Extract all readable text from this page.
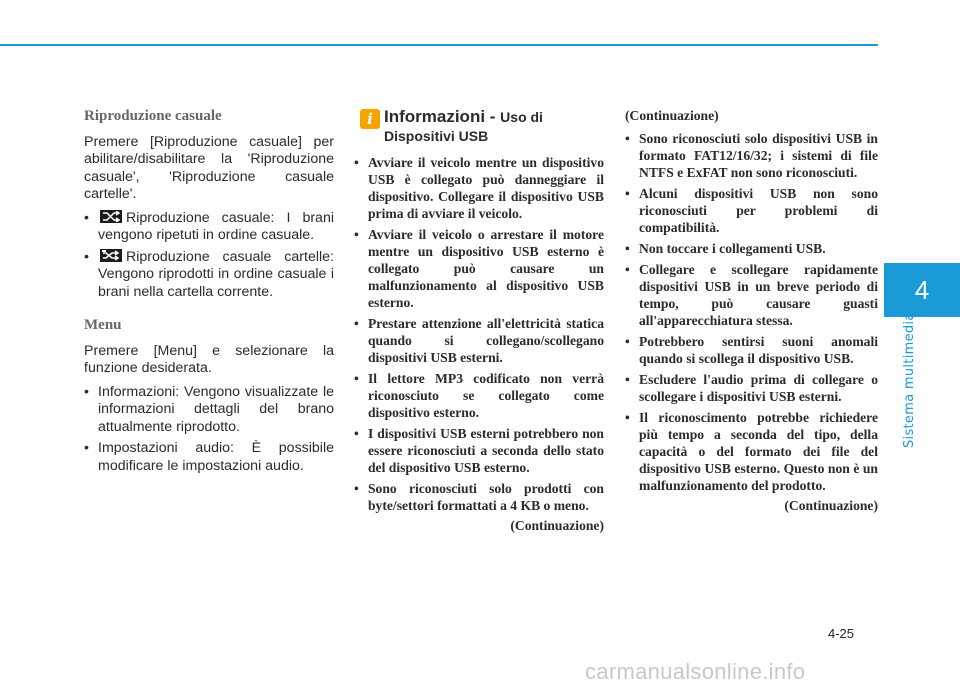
4
Sistema multimediale
Riproduzione casuale

Premere [Riproduzione casuale] per abilitare/disabilitare la 'Riproduzione casuale', 'Riproduzione casuale cartelle'.

• Riproduzione casuale: I brani vengono ripetuti in ordine casuale.
• Riproduzione casuale cartelle: Vengono riprodotti in ordine casuale i brani nella cartella corrente.
Menu

Premere [Menu] e selezionare la funzione desiderata.

• Informazioni: Vengono visualizzate le informazioni dettagli del brano attualmente riprodotto.
• Impostazioni audio: È possibile modificare le impostazioni audio.
i Informazioni - Uso di Dispositivi USB
• Avviare il veicolo mentre un dispositivo USB è collegato può danneggiare il dispositivo. Collegare il dispositivo USB prima di avviare il veicolo.
• Avviare il veicolo o arrestare il motore mentre un dispositivo USB esterno è collegato può causare un malfunzionamento al dispositivo USB esterno.
• Prestare attenzione all'elettricità statica quando si collegano/scollegano dispositivi USB esterni.
• Il lettore MP3 codificato non verrà riconosciuto se collegato come dispositivo esterno.
• I dispositivi USB esterni potrebbero non essere riconosciuti a seconda dello stato del dispositivo USB esterno.
• Sono riconosciuti solo prodotti con byte/settori formattati a 4 KB o meno.
(Continuazione)
(Continuazione)
• Sono riconosciuti solo dispositivi USB in formato FAT12/16/32; i sistemi di file NTFS e ExFAT non sono riconosciuti.
• Alcuni dispositivi USB non sono riconosciuti per problemi di compatibilità.
• Non toccare i collegamenti USB.
• Collegare e scollegare rapidamente dispositivi USB in un breve periodo di tempo, può causare guasti all'apparecchiatura stessa.
• Potrebbero sentirsi suoni anomali quando si scollega il dispositivo USB.
• Escludere l'audio prima di collegare o scollegare i dispositivi USB esterni.
• Il riconoscimento potrebbe richiedere più tempo a seconda del tipo, della capacità o del formato dei file del dispositivo USB esterno. Questo non è un malfunzionamento del prodotto.
(Continuazione)
4-25
carmanualsonline.info
